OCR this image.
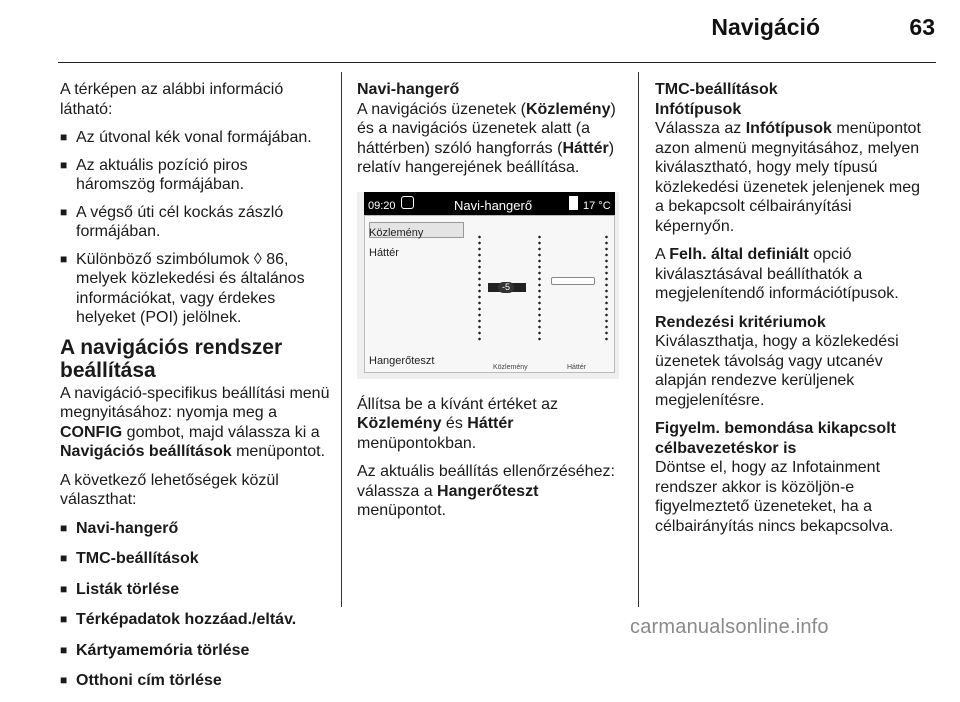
Navigáció	63

A térképen az alábbi információ látható:

■ Az útvonal kék vonal formájában.
■ Az aktuális pozíció piros háromszög formájában.
■ A végső úti cél kockás zászló formájában.
■ Különböző szimbólumok ◊ 86, melyek közlekedési és általános információkat, vagy érdekes helyeket (POI) jelölnek.
A navigációs rendszer beállítása

A navigáció-specifikus beállítási menü megnyitásához: nyomja meg a CONFIG gombot, majd válassza ki a Navigációs beállítások menüpontot.

A következő lehetőségek közül választhat:

■ Navi-hangerő
■ TMC-beállítások
■ Listák törlése
■ Térképadatok hozzáad./eltáv.
■ Kártyamemória törlése
■ Otthoni cím törlése
Navi-hangerő

A navigációs üzenetek (Közlemény) és a navigációs üzenetek alatt (a háttérben) szóló hangforrás (Háttér) relatív hangerejének beállítása.

09:20	Navi-hangerő	17 °C
Közlemény
Háttér
Hangerőteszt
-5
Közlemény	Háttér

Állítsa be a kívánt értéket az Közlemény és Háttér menüpontokban.

Az aktuális beállítás ellenőrzéséhez: válassza a Hangerőteszt menüpontot.

TMC-beállítások
Infótípusok

Válassza az Infótípusok menüpontot azon almenü megnyitásához, melyen kiválasztható, hogy mely típusú közlekedési üzenetek jelenjenek meg a bekapcsolt célbairányítási képernyőn.

A Felh. által definiált opció kiválasztásával beállíthatók a megjelenítendő információtípusok.

Rendezési kritériumok

Kiválaszthatja, hogy a közlekedési üzenetek távolság vagy utcanév alapján rendezve kerüljenek megjelenítésre.

Figyelm. bemondása kikapcsolt célbavezetéskor is

Döntse el, hogy az Infotainment rendszer akkor is közöljön-e figyelmeztető üzeneteket, ha a célbairányítás nincs bekapcsolva.

carmanualsonline.info
